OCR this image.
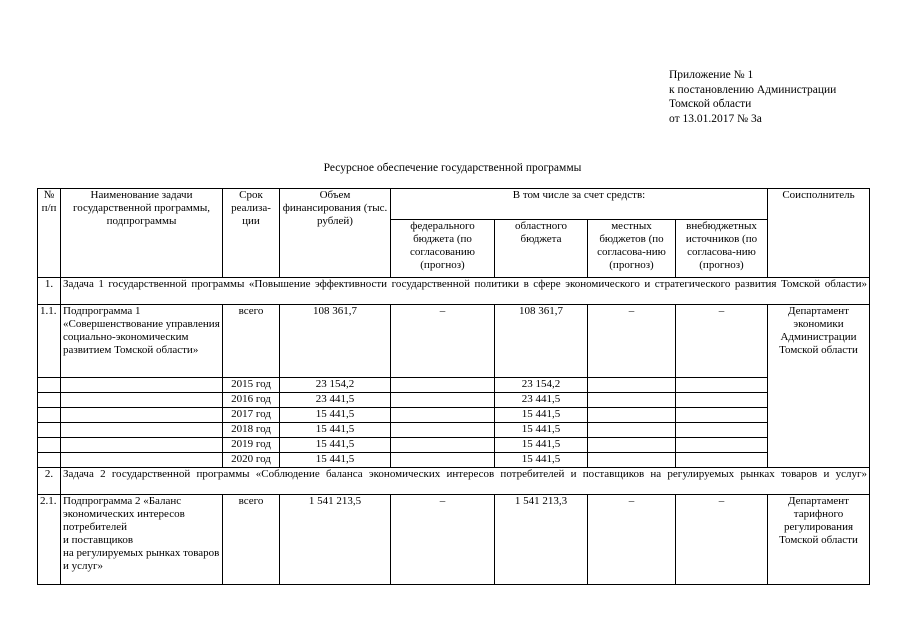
Приложение № 1
к постановлению Администрации
Томской области
от 13.01.2017 № 3а
Ресурсное обеспечение государственной программы
№ п/п	Наименование задачи государственной программы, подпрограммы	Срок реализа-ции	Объем финансирования (тыс. рублей)	В том числе за счет средств:				Соисполнитель
				федерального бюджета (по согласованию (прогноз)	областного бюджета	местных бюджетов (по согласова-нию (прогноз)	внебюджетных источников (по согласова-нию (прогноз)	
1.	Задача 1 государственной программы «Повышение эффективности государственной политики в сфере экономического и стратегического развития Томской области»							
1.1.	Подпрограмма 1 «Совершенствование управления социально-экономическим развитием Томской области»	всего	108 361,7	–	108 361,7	–	–	Департамент экономики Администрации Томской области
		2015 год	23 154,2		23 154,2			
		2016 год	23 441,5		23 441,5			
		2017 год	15 441,5		15 441,5			
		2018 год	15 441,5		15 441,5			
		2019 год	15 441,5		15 441,5			
		2020 год	15 441,5		15 441,5			
2.	Задача 2 государственной программы «Соблюдение баланса экономических интересов потребителей и поставщиков на регулируемых рынках товаров и услуг»							
2.1.	Подпрограмма 2 «Баланс экономических интересов потребителей
и поставщиков
на регулируемых рынках товаров и услуг»	всего	1 541 213,5	–	1 541 213,3	–	–	Департамент тарифного регулирования Томской области
